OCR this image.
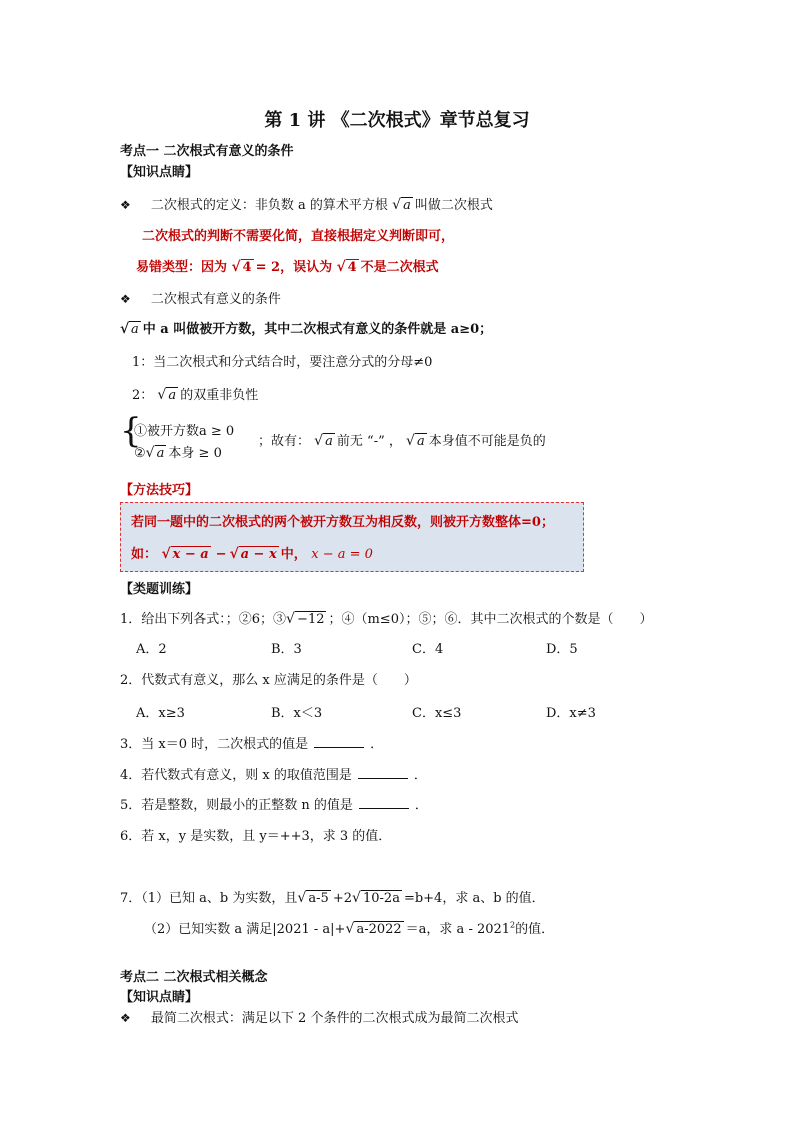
第 1 讲 《二次根式》章节总复习
考点一 二次根式有意义的条件
【知识点睛】
❖ 二次根式的定义：非负数 a 的算术平方根 √ a 叫做二次根式
二次根式的判断不需要化简，直接根据定义判断即可，
易错类型：因为 √ 4 = 2，误认为 √ 4 不是二次根式
❖ 二次根式有意义的条件
√ a 中 a 叫做被开方数，其中二次根式有意义的条件就是 a≥0；
1：当二次根式和分式结合时，要注意分式的分母≠0
2： √ a 的双重非负性
{
①被开方数a ≥ 0
② √ a 本身 ≥ 0
；故有： √ a 前无 “-” ， √ a 本身值不可能是负的
【方法技巧】
若同一题中的二次根式的两个被开方数互为相反数，则被开方数整体=0；
如： √ x − a − √ a − x 中， x − a = 0
【类题训练】
1．给出下列各式：；②6；③ √ −12 ；④（m≤0）；⑤；⑥．其中二次根式的个数是（　　）
A．2	B．3	C．4	D．5
2．代数式有意义，那么 x 应满足的条件是（　　）
A．x≥3	B．x＜3	C．x≤3	D．x≠3
3．当 x＝0 时，二次根式的值是	．
4．若代数式有意义，则 x 的取值范围是	．
5．若是整数，则最小的正整数 n 的值是	．
6．若 x，y 是实数，且 y＝++3，求 3 的值．
7．（1）已知 a、b 为实数，且 √ a-5 +2 √ 10-2a =b+4，求 a、b 的值．
（2）已知实数 a 满足|2021 - a|+ √ a-2022 ＝a，求 a - 2021$^2$的值．
考点二 二次根式相关概念
【知识点睛】
❖ 最简二次根式：满足以下 2 个条件的二次根式成为最简二次根式
